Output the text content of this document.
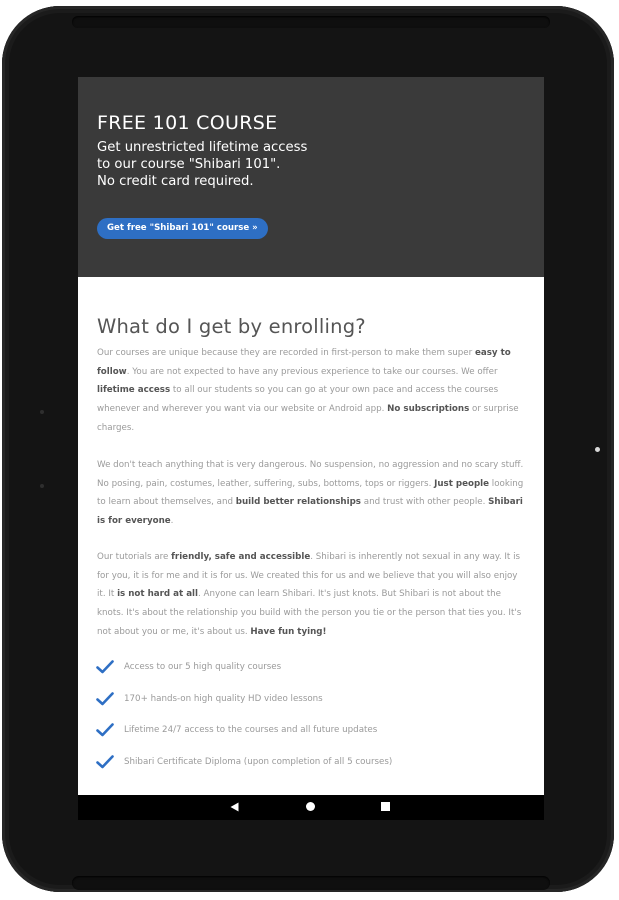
FREE 101 COURSE
Get unrestricted lifetime access
to our course "Shibari 101".
No credit card required.
Get free "Shibari 101" course »
What do I get by enrolling?

Our courses are unique because they are recorded in first-person to make them super easy to follow. You are not expected to have any previous experience to take our courses. We offer lifetime access to all our students so you can go at your own pace and access the courses whenever and wherever you want via our website or Android app. No subscriptions or surprise charges.

We don't teach anything that is very dangerous. No suspension, no aggression and no scary stuff. No posing, pain, costumes, leather, suffering, subs, bottoms, tops or riggers. Just people looking to learn about themselves, and build better relationships and trust with other people. Shibari is for everyone.

Our tutorials are friendly, safe and accessible. Shibari is inherently not sexual in any way. It is for you, it is for me and it is for us. We created this for us and we believe that you will also enjoy it. It is not hard at all. Anyone can learn Shibari. It's just knots. But Shibari is not about the knots. It's about the relationship you build with the person you tie or the person that ties you. It's not about you or me, it's about us. Have fun tying!

Access to our 5 high quality courses
170+ hands-on high quality HD video lessons
Lifetime 24/7 access to the courses and all future updates
Shibari Certificate Diploma (upon completion of all 5 courses)
